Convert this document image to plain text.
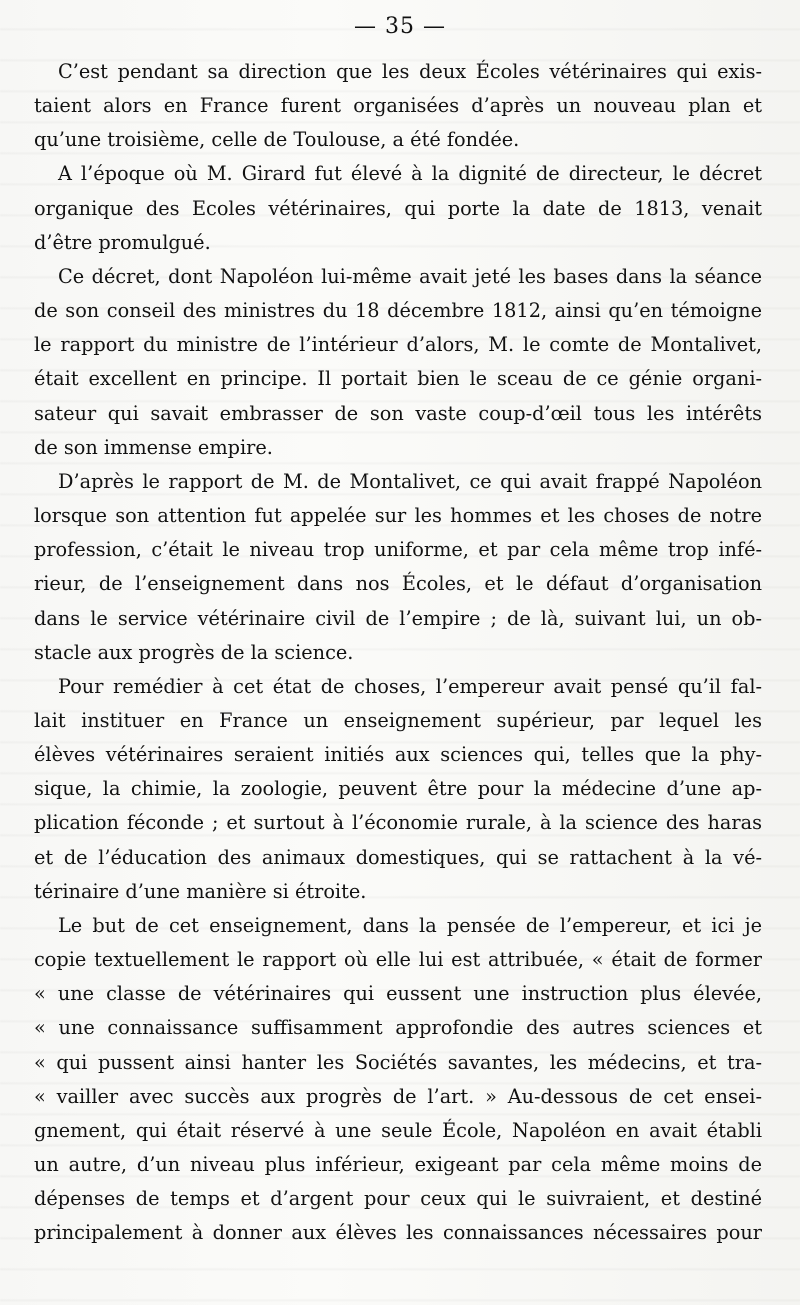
— 35 —
C’est pendant sa direction que les deux Écoles vétérinaires qui exis-
taient alors en France furent organisées d’après un nouveau plan et
qu’une troisième, celle de Toulouse, a été fondée.
A l’époque où M. Girard fut élevé à la dignité de directeur, le décret
organique des Ecoles vétérinaires, qui porte la date de 1813, venait
d’être promulgué.
Ce décret, dont Napoléon lui-même avait jeté les bases dans la séance
de son conseil des ministres du 18 décembre 1812, ainsi qu’en témoigne
le rapport du ministre de l’intérieur d’alors, M. le comte de Montalivet,
était excellent en principe. Il portait bien le sceau de ce génie organi-
sateur qui savait embrasser de son vaste coup-d’œil tous les intérêts
de son immense empire.
D’après le rapport de M. de Montalivet, ce qui avait frappé Napoléon
lorsque son attention fut appelée sur les hommes et les choses de notre
profession, c’était le niveau trop uniforme, et par cela même trop infé-
rieur, de l’enseignement dans nos Écoles, et le défaut d’organisation
dans le service vétérinaire civil de l’empire ; de là, suivant lui, un ob-
stacle aux progrès de la science.
Pour remédier à cet état de choses, l’empereur avait pensé qu’il fal-
lait instituer en France un enseignement supérieur, par lequel les
élèves vétérinaires seraient initiés aux sciences qui, telles que la phy-
sique, la chimie, la zoologie, peuvent être pour la médecine d’une ap-
plication féconde ; et surtout à l’économie rurale, à la science des haras
et de l’éducation des animaux domestiques, qui se rattachent à la vé-
térinaire d’une manière si étroite.
Le but de cet enseignement, dans la pensée de l’empereur, et ici je
copie textuellement le rapport où elle lui est attribuée, « était de former
« une classe de vétérinaires qui eussent une instruction plus élevée,
« une connaissance suffisamment approfondie des autres sciences et
« qui pussent ainsi hanter les Sociétés savantes, les médecins, et tra-
« vailler avec succès aux progrès de l’art. » Au-dessous de cet ensei-
gnement, qui était réservé à une seule École, Napoléon en avait établi
un autre, d’un niveau plus inférieur, exigeant par cela même moins de
dépenses de temps et d’argent pour ceux qui le suivraient, et destiné
principalement à donner aux élèves les connaissances nécessaires pour
